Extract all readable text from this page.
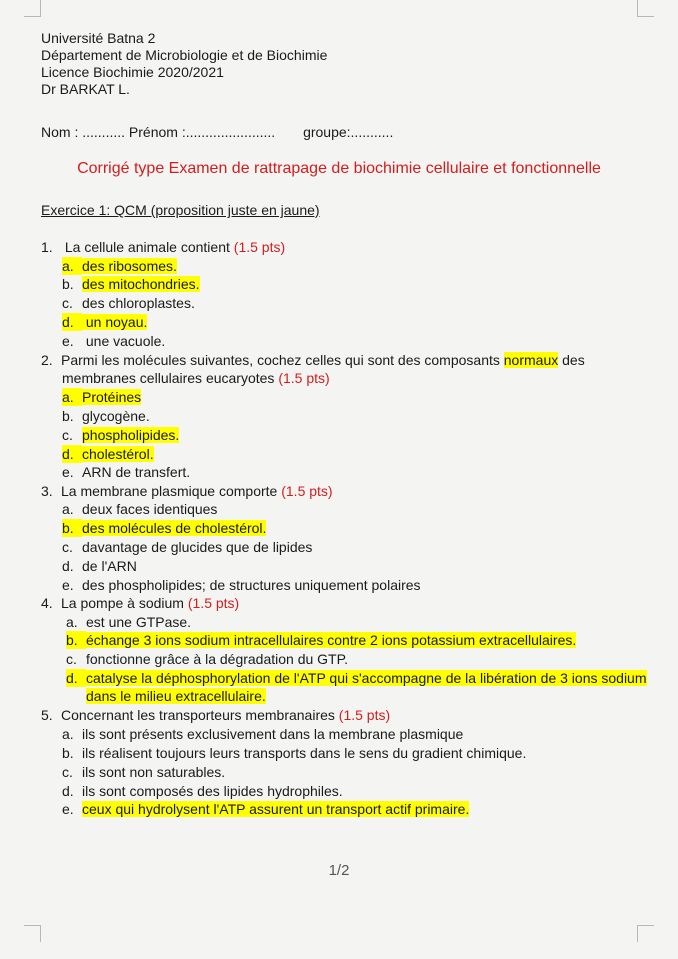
Université Batna 2
Département de Microbiologie et de Biochimie
Licence Biochimie 2020/2021
Dr BARKAT L.
Nom : ........... Prénom :....................... groupe:...........
Corrigé type Examen de rattrapage de biochimie cellulaire et fonctionnelle
Exercice 1: QCM (proposition juste en jaune)
1. La cellule animale contient (1.5 pts)
a. des ribosomes.
b. des mitochondries.
c. des chloroplastes.
d. un noyau.
e. une vacuole.
2. Parmi les molécules suivantes, cochez celles qui sont des composants normaux des
membranes cellulaires eucaryotes (1.5 pts)
a. Protéines
b. glycogène.
c. phospholipides.
d. cholestérol.
e. ARN de transfert.
3. La membrane plasmique comporte (1.5 pts)
a. deux faces identiques
b. des molécules de cholestérol.
c. davantage de glucides que de lipides
d. de l'ARN
e. des phospholipides; de structures uniquement polaires
4. La pompe à sodium (1.5 pts)
a. est une GTPase.
b. échange 3 ions sodium intracellulaires contre 2 ions potassium extracellulaires.
c. fonctionne grâce à la dégradation du GTP.
d. catalyse la déphosphorylation de l'ATP qui s'accompagne de la libération de 3 ions sodium
dans le milieu extracellulaire.
5. Concernant les transporteurs membranaires (1.5 pts)
a. ils sont présents exclusivement dans la membrane plasmique
b. ils réalisent toujours leurs transports dans le sens du gradient chimique.
c. ils sont non saturables.
d. ils sont composés des lipides hydrophiles.
e. ceux qui hydrolysent l'ATP assurent un transport actif primaire.
1/2
